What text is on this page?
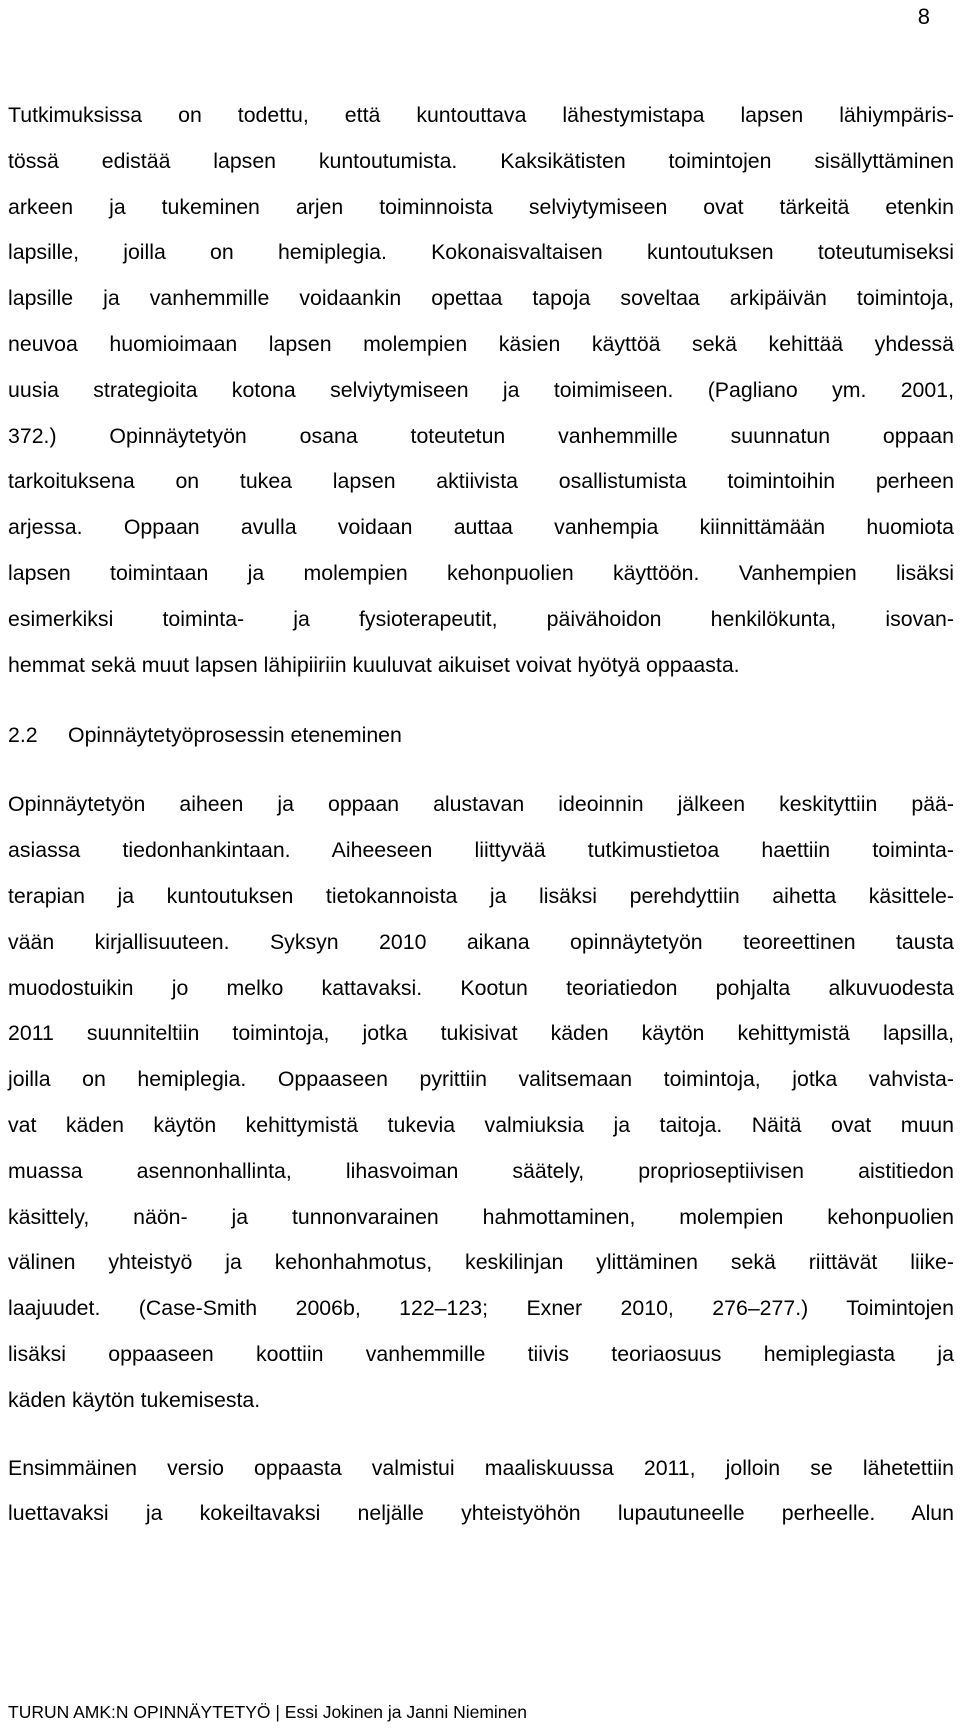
8
Tutkimuksissa on todettu, että kuntouttava lähestymistapa lapsen lähiympäris-
tössä edistää lapsen kuntoutumista. Kaksikätisten toimintojen sisällyttäminen
arkeen ja tukeminen arjen toiminnoista selviytymiseen ovat tärkeitä etenkin
lapsille, joilla on hemiplegia. Kokonaisvaltaisen kuntoutuksen toteutumiseksi
lapsille ja vanhemmille voidaankin opettaa tapoja soveltaa arkipäivän toimintoja,
neuvoa huomioimaan lapsen molempien käsien käyttöä sekä kehittää yhdessä
uusia strategioita kotona selviytymiseen ja toimimiseen. (Pagliano ym. 2001,
372.) Opinnäytetyön osana toteutetun vanhemmille suunnatun oppaan
tarkoituksena on tukea lapsen aktiivista osallistumista toimintoihin perheen
arjessa. Oppaan avulla voidaan auttaa vanhempia kiinnittämään huomiota
lapsen toimintaan ja molempien kehonpuolien käyttöön. Vanhempien lisäksi
esimerkiksi toiminta- ja fysioterapeutit, päivähoidon henkilökunta, isovan-
hemmat sekä muut lapsen lähipiiriin kuuluvat aikuiset voivat hyötyä oppaasta.
2.2 Opinnäytetyöprosessin eteneminen
Opinnäytetyön aiheen ja oppaan alustavan ideoinnin jälkeen keskityttiin pää-
asiassa tiedonhankintaan. Aiheeseen liittyvää tutkimustietoa haettiin toiminta-
terapian ja kuntoutuksen tietokannoista ja lisäksi perehdyttiin aihetta käsittele-
vään kirjallisuuteen. Syksyn 2010 aikana opinnäytetyön teoreettinen tausta
muodostuikin jo melko kattavaksi. Kootun teoriatiedon pohjalta alkuvuodesta
2011 suunniteltiin toimintoja, jotka tukisivat käden käytön kehittymistä lapsilla,
joilla on hemiplegia. Oppaaseen pyrittiin valitsemaan toimintoja, jotka vahvista-
vat käden käytön kehittymistä tukevia valmiuksia ja taitoja. Näitä ovat muun
muassa asennonhallinta, lihasvoiman säätely, proprioseptiivisen aistitiedon
käsittely, näön- ja tunnonvarainen hahmottaminen, molempien kehonpuolien
välinen yhteistyö ja kehonhahmotus, keskilinjan ylittäminen sekä riittävät liike-
laajuudet. (Case-Smith 2006b, 122–123; Exner 2010, 276–277.) Toimintojen
lisäksi oppaaseen koottiin vanhemmille tiivis teoriaosuus hemiplegiasta ja
käden käytön tukemisesta.
Ensimmäinen versio oppaasta valmistui maaliskuussa 2011, jolloin se lähetettiin
luettavaksi ja kokeiltavaksi neljälle yhteistyöhön lupautuneelle perheelle. Alun
TURUN AMK:N OPINNÄYTETYÖ | Essi Jokinen ja Janni Nieminen
